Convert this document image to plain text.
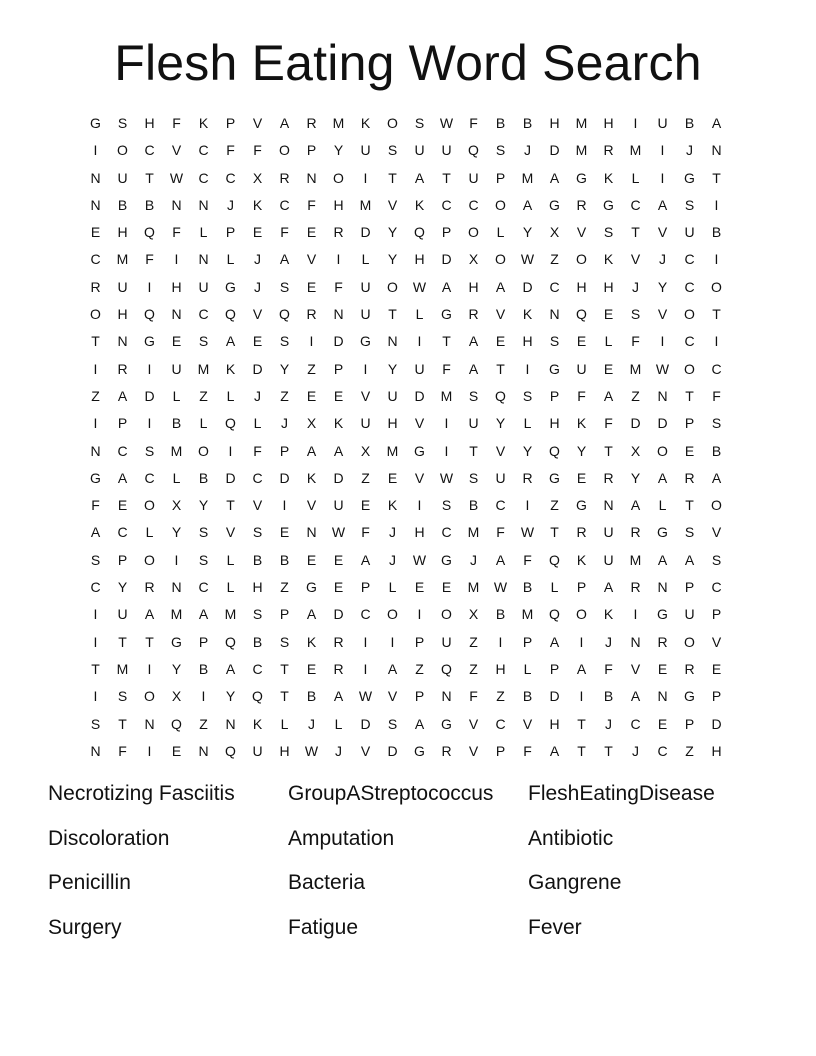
Flesh Eating Word Search
G	S	H	F	K	P	V	A	R	M	K	O	S	W	F	B	B	H	M	H	I	U	B	A
I	O	C	V	C	F	F	O	P	Y	U	S	U	U	Q	S	J	D	M	R	M	I	J	N
N	U	T	W	C	C	X	R	N	O	I	T	A	T	U	P	M	A	G	K	L	I	G	T
N	B	B	N	N	J	K	C	F	H	M	V	K	C	C	O	A	G	R	G	C	A	S	I
E	H	Q	F	L	P	E	F	E	R	D	Y	Q	P	O	L	Y	X	V	S	T	V	U	B
C	M	F	I	N	L	J	A	V	I	L	Y	H	D	X	O	W	Z	O	K	V	J	C	I
R	U	I	H	U	G	J	S	E	F	U	O	W	A	H	A	D	C	H	H	J	Y	C	O
O	H	Q	N	C	Q	V	Q	R	N	U	T	L	G	R	V	K	N	Q	E	S	V	O	T
T	N	G	E	S	A	E	S	I	D	G	N	I	T	A	E	H	S	E	L	F	I	C	I
I	R	I	U	M	K	D	Y	Z	P	I	Y	U	F	A	T	I	G	U	E	M	W	O	C
Z	A	D	L	Z	L	J	Z	E	E	V	U	D	M	S	Q	S	P	F	A	Z	N	T	F
I	P	I	B	L	Q	L	J	X	K	U	H	V	I	U	Y	L	H	K	F	D	D	P	S
N	C	S	M	O	I	F	P	A	A	X	M	G	I	T	V	Y	Q	Y	T	X	O	E	B
G	A	C	L	B	D	C	D	K	D	Z	E	V	W	S	U	R	G	E	R	Y	A	R	A
F	E	O	X	Y	T	V	I	V	U	E	K	I	S	B	C	I	Z	G	N	A	L	T	O
A	C	L	Y	S	V	S	E	N	W	F	J	H	C	M	F	W	T	R	U	R	G	S	V
S	P	O	I	S	L	B	B	E	E	A	J	W	G	J	A	F	Q	K	U	M	A	A	S
C	Y	R	N	C	L	H	Z	G	E	P	L	E	E	M	W	B	L	P	A	R	N	P	C
I	U	A	M	A	M	S	P	A	D	C	O	I	O	X	B	M	Q	O	K	I	G	U	P
I	T	T	G	P	Q	B	S	K	R	I	I	P	U	Z	I	P	A	I	J	N	R	O	V
T	M	I	Y	B	A	C	T	E	R	I	A	Z	Q	Z	H	L	P	A	F	V	E	R	E
I	S	O	X	I	Y	Q	T	B	A	W	V	P	N	F	Z	B	D	I	B	A	N	G	P
S	T	N	Q	Z	N	K	L	J	L	D	S	A	G	V	C	V	H	T	J	C	E	P	D
N	F	I	E	N	Q	U	H	W	J	V	D	G	R	V	P	F	A	T	T	J	C	Z	H
Necrotizing Fasciitis	GroupAStreptococcus	FleshEatingDisease
Discoloration	Amputation	Antibiotic
Penicillin	Bacteria	Gangrene
Surgery	Fatigue	Fever
